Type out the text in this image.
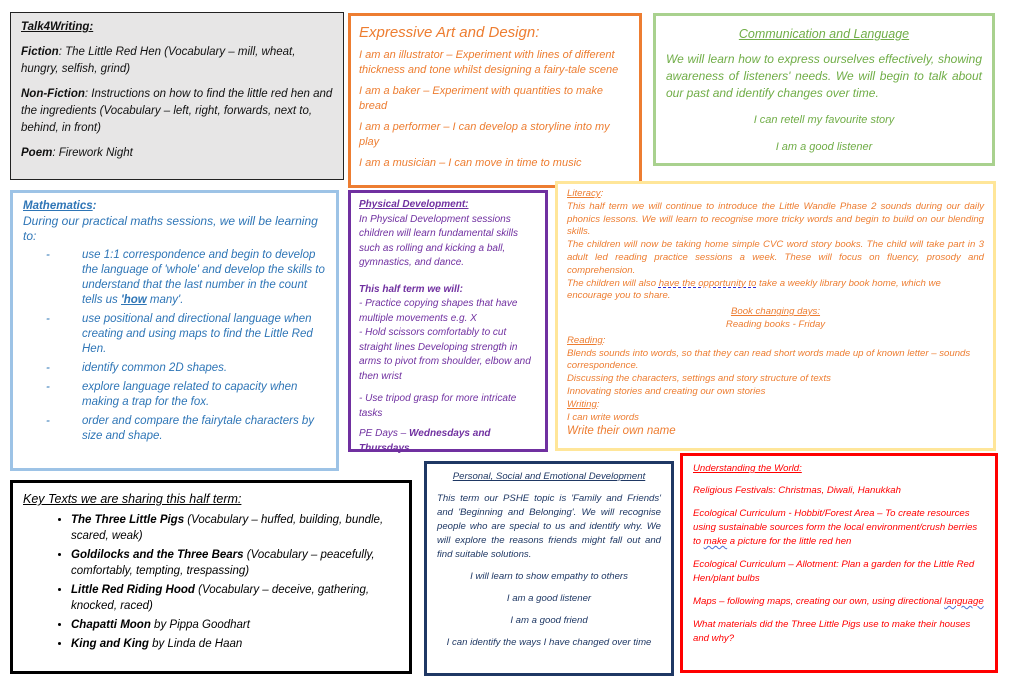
Talk4Writing:

Fiction: The Little Red Hen (Vocabulary – mill, wheat, hungry, selfish, grind)

Non-Fiction: Instructions on how to find the little red hen and the ingredients (Vocabulary – left, right, forwards, next to, behind, in front)

Poem: Firework Night

Expressive Art and Design:

I am an illustrator – Experiment with lines of different thickness and tone whilst designing a fairy-tale scene

I am a baker – Experiment with quantities to make bread

I am a performer – I can develop a storyline into my play

I am a musician – I can move in time to music

Communication and Language

We will learn how to express ourselves effectively, showing awareness of listeners' needs. We will begin to talk about our past and identify changes over time.

I can retell my favourite story

I am a good listener

Mathematics:
During our practical maths sessions, we will be learning to:
- use 1:1 correspondence and begin to develop the language of 'whole' and develop the skills to understand that the last number in the count tells us 'how many'.
- use positional and directional language when creating and using maps to find the Little Red Hen.
- identify common 2D shapes.
- explore language related to capacity when making a trap for the fox.
- order and compare the fairytale characters by size and shape.
Physical Development:

In Physical Development sessions children will learn fundamental skills such as rolling and kicking a ball, gymnastics, and dance.

This half term we will:
- Practice copying shapes that have multiple movements e.g. X

- Hold scissors comfortably to cut straight lines Developing strength in arms to pivot from shoulder, elbow and then wrist

- Use tripod grasp for more intricate tasks

PE Days – Wednesdays and Thursdays
Literacy:
This half term we will continue to introduce the Little Wandle Phase 2 sounds during our daily phonics lessons. We will learn to recognise more tricky words and begin to build on our blending skills.
The children will now be taking home simple CVC word story books. The child will take part in 3 adult led reading practice sessions a week. These will focus on fluency, prosody and comprehension.
The children will also have the opportunity to take a weekly library book home, which we encourage you to share.
Book changing days:
Reading books - Friday
Reading:
Blends sounds into words, so that they can read short words made up of known letter – sounds correspondence.
Discussing the characters, settings and story structure of texts
Innovating stories and creating our own stories
Writing:
I can write words
Write their own name
Key Texts we are sharing this half term:
• The Three Little Pigs (Vocabulary – huffed, building, bundle, scared, weak)
• Goldilocks and the Three Bears (Vocabulary – peacefully, comfortably, tempting, trespassing)
• Little Red Riding Hood (Vocabulary – deceive, gathering, knocked, raced)
• Chapatti Moon by Pippa Goodhart
• King and King by Linda de Haan
Personal, Social and Emotional Development

This term our PSHE topic is 'Family and Friends' and 'Beginning and Belonging'. We will recognise people who are special to us and identify why. We will explore the reasons friends might fall out and find suitable solutions.

I will learn to show empathy to others

I am a good listener

I am a good friend

I can identify the ways I have changed over time

Understanding the World:

Religious Festivals: Christmas, Diwali, Hanukkah

Ecological Curriculum - Hobbit/Forest Area – To create resources using sustainable sources form the local environment/crush berries to make a picture for the little red hen

Ecological Curriculum – Allotment: Plan a garden for the Little Red Hen/plant bulbs

Maps – following maps, creating our own, using directional language

What materials did the Three Little Pigs use to make their houses and why?
